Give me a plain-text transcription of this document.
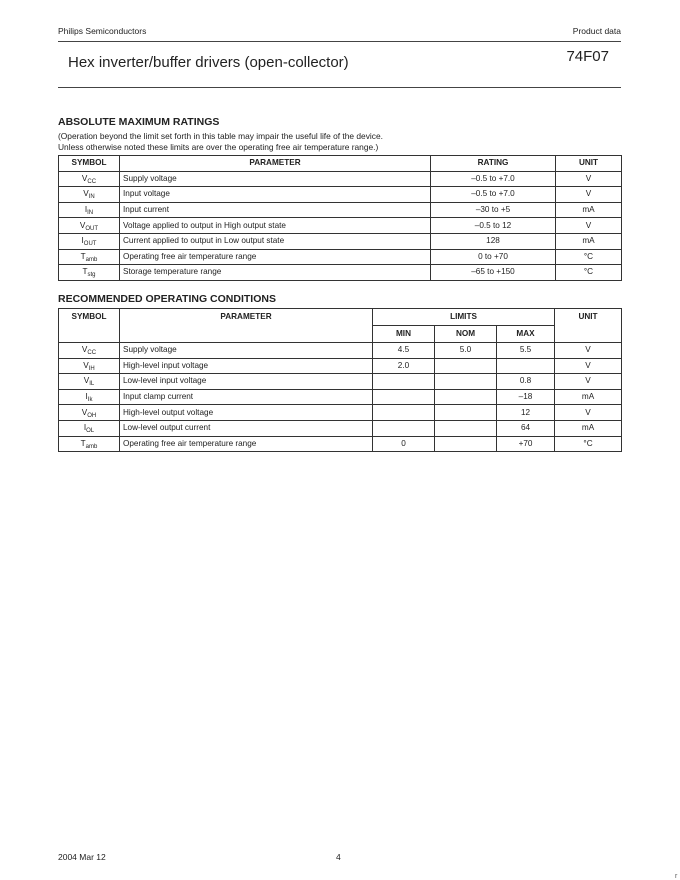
Philips Semiconductors	Product data
Hex inverter/buffer drivers (open-collector)	74F07
ABSOLUTE MAXIMUM RATINGS
(Operation beyond the limit set forth in this table may impair the useful life of the device.
Unless otherwise noted these limits are over the operating free air temperature range.)
SYMBOL	PARAMETER	RATING	UNIT
$V_{CC}$	Supply voltage	–0.5 to +7.0	V
$V_{IN}$	Input voltage	–0.5 to +7.0	V
$I_{IN}$	Input current	–30 to +5	mA
$V_{OUT}$	Voltage applied to output in High output state	–0.5 to 12	V
$I_{OUT}$	Current applied to output in Low output state	128	mA
$T_{amb}$	Operating free air temperature range	0 to +70	°C
$T_{stg}$	Storage temperature range	–65 to +150	°C
RECOMMENDED OPERATING CONDITIONS
SYMBOL	PARAMETER	LIMITS			UNIT
		MIN	NOM	MAX	
$V_{CC}$	Supply voltage	4.5	5.0	5.5	V
$V_{IH}$	High-level input voltage	2.0			V
$V_{IL}$	Low-level input voltage			0.8	V
$I_{Ik}$	Input clamp current			–18	mA
$V_{OH}$	High-level output voltage			12	V
$I_{OL}$	Low-level output current			64	mA
$T_{amb}$	Operating free air temperature range	0		+70	°C
2004 Mar 12	4
r
